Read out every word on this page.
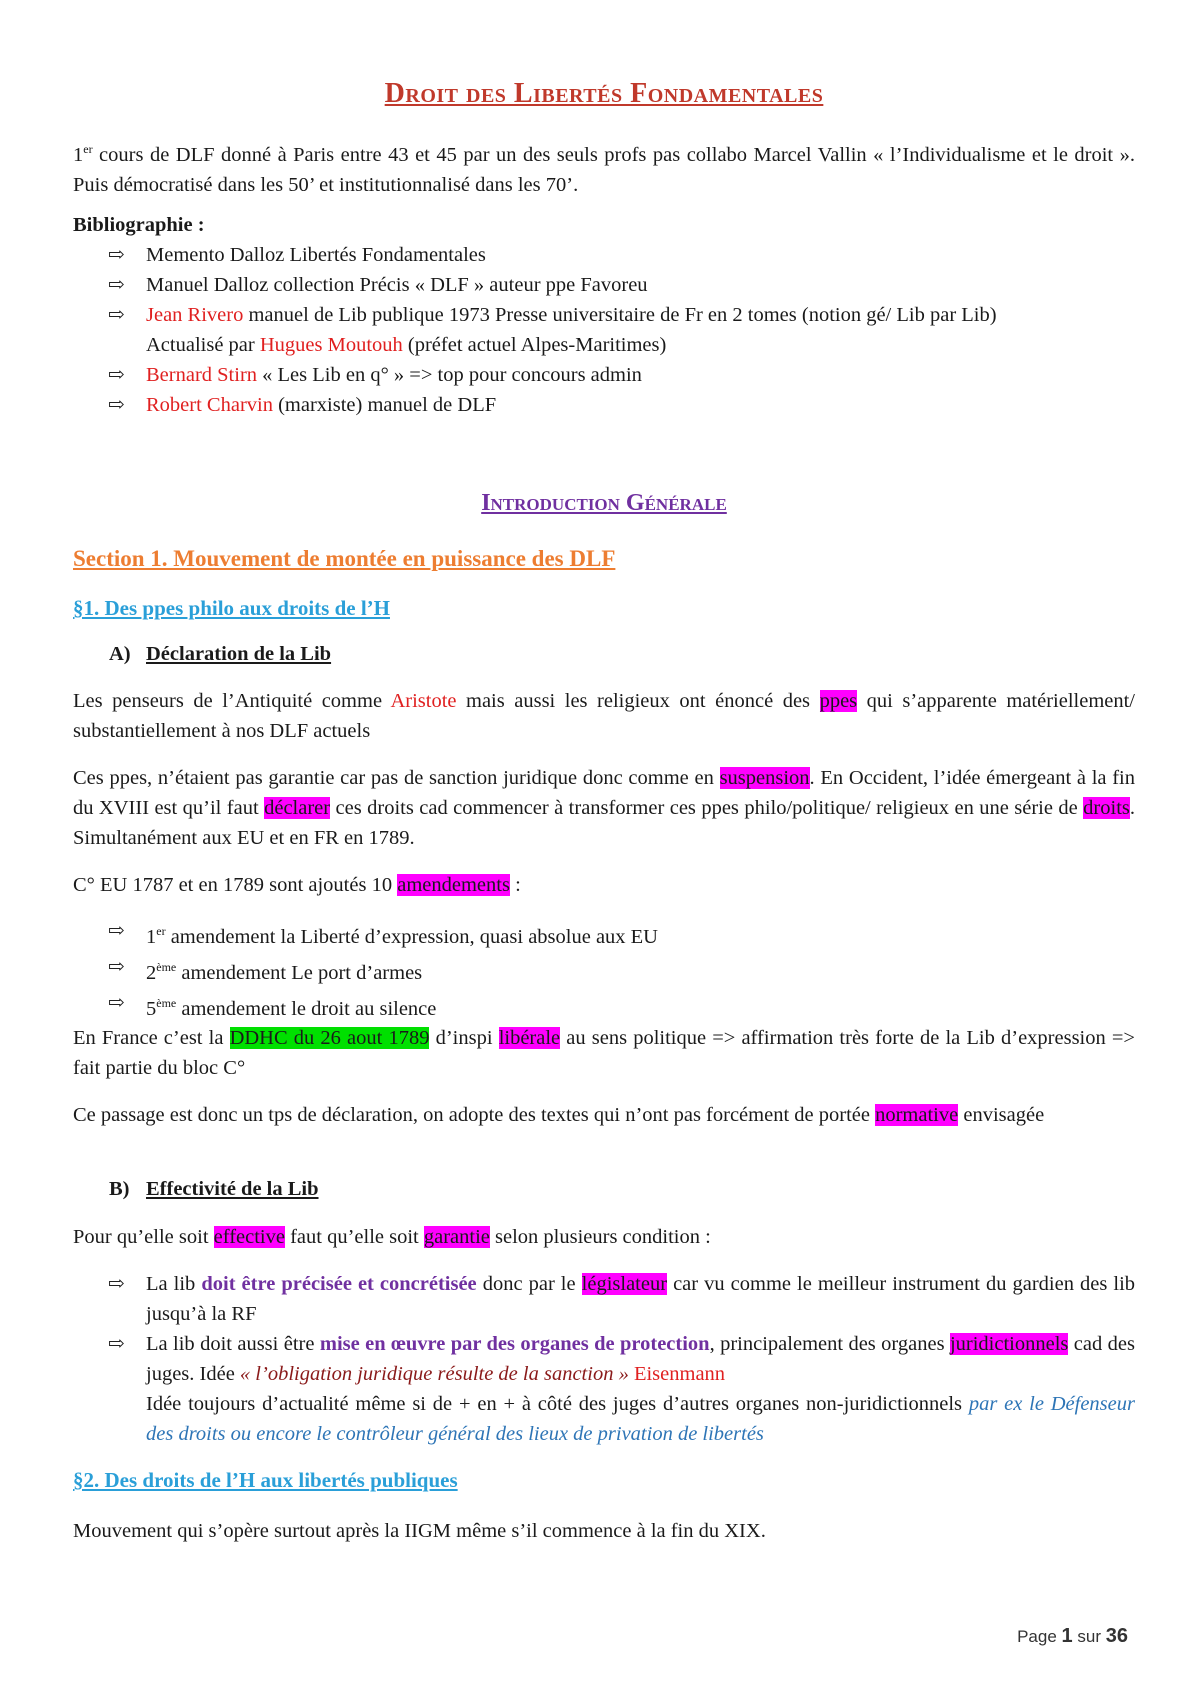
Droit des Libertés Fondamentales
1er cours de DLF donné à Paris entre 43 et 45 par un des seuls profs pas collabo Marcel Vallin « l’Individualisme et le droit ». Puis démocratisé dans les 50’ et institutionnalisé dans les 70’.
Bibliographie :
⇨ Memento Dalloz Libertés Fondamentales
⇨ Manuel Dalloz collection Précis « DLF » auteur ppe Favoreu
⇨ Jean Rivero manuel de Lib publique 1973 Presse universitaire de Fr en 2 tomes (notion gé/ Lib par Lib)
Actualisé par Hugues Moutouh (préfet actuel Alpes-Maritimes)
⇨ Bernard Stirn « Les Lib en q° » => top pour concours admin
⇨ Robert Charvin (marxiste) manuel de DLF
Introduction Générale
Section 1. Mouvement de montée en puissance des DLF
§1. Des ppes philo aux droits de l’H
A) Déclaration de la Lib
Les penseurs de l’Antiquité comme Aristote mais aussi les religieux ont énoncé des ppes qui s’apparente matériellement/ substantiellement à nos DLF actuels
Ces ppes, n’étaient pas garantie car pas de sanction juridique donc comme en suspension. En Occident, l’idée émergeant à la fin du XVIII est qu’il faut déclarer ces droits cad commencer à transformer ces ppes philo/politique/ religieux en une série de droits. Simultanément aux EU et en FR en 1789.
C° EU 1787 et en 1789 sont ajoutés 10 amendements :
⇨ 1er amendement la Liberté d’expression, quasi absolue aux EU
⇨ 2ème amendement Le port d’armes
⇨ 5ème amendement le droit au silence
En France c’est la DDHC du 26 aout 1789 d’inspi libérale au sens politique => affirmation très forte de la Lib d’expression => fait partie du bloc C°
Ce passage est donc un tps de déclaration, on adopte des textes qui n’ont pas forcément de portée normative envisagée
B) Effectivité de la Lib
Pour qu’elle soit effective faut qu’elle soit garantie selon plusieurs condition :
⇨ La lib doit être précisée et concrétisée donc par le législateur car vu comme le meilleur instrument du gardien des lib jusqu’à la RF
⇨ La lib doit aussi être mise en œuvre par des organes de protection, principalement des organes juridictionnels cad des juges. Idée « l’obligation juridique résulte de la sanction » Eisenmann
Idée toujours d’actualité même si de + en + à côté des juges d’autres organes non-juridictionnels par ex le Défenseur des droits ou encore le contrôleur général des lieux de privation de libertés
§2. Des droits de l’H aux libertés publiques
Mouvement qui s’opère surtout après la IIGM même s’il commence à la fin du XIX.
Page 1 sur 36
